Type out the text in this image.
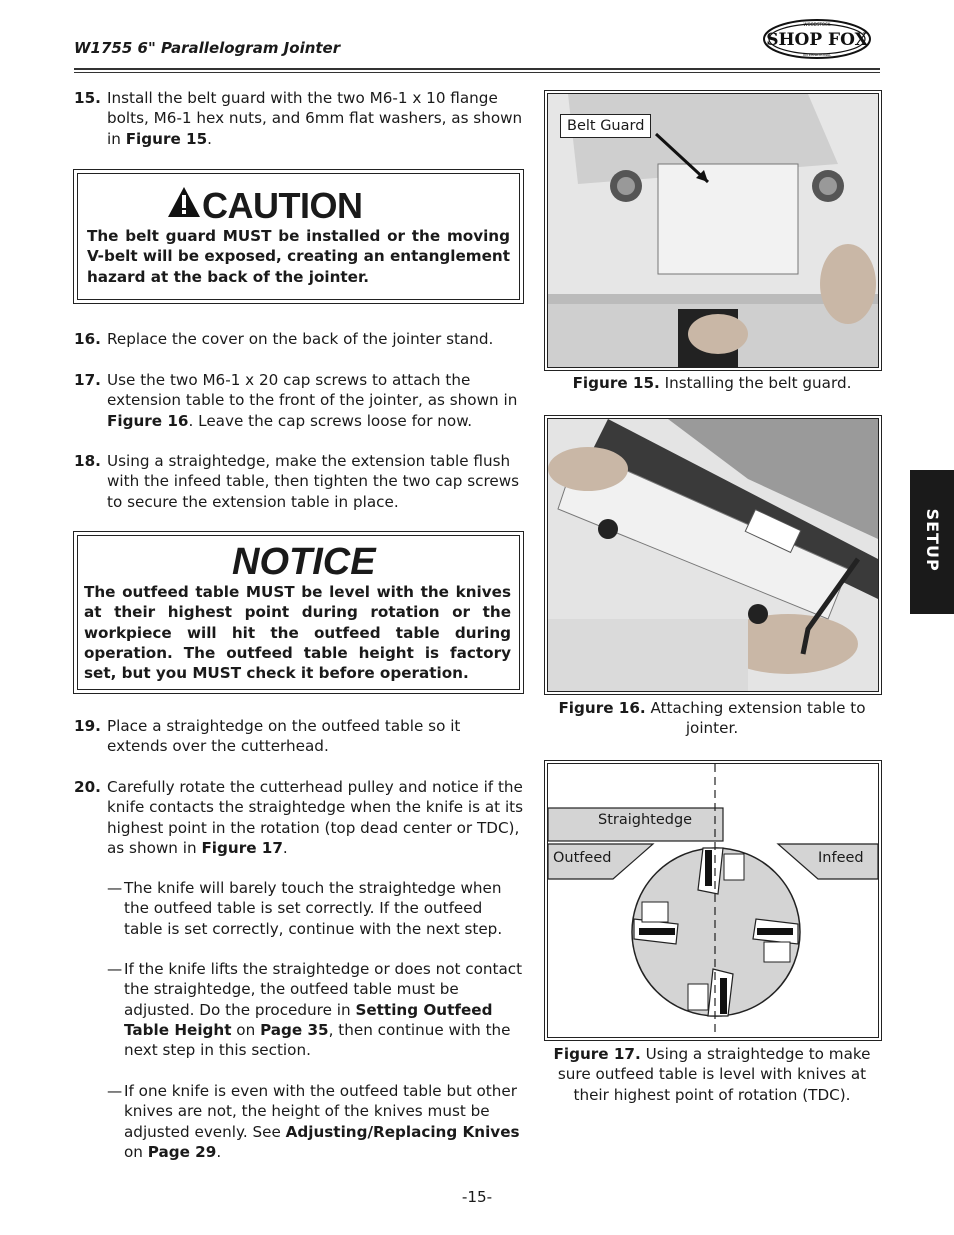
W1755 6" Parallelogram Jointer	SHOP FOX
WOODSTOCK
INTERNATIONAL
15. Install the belt guard with the two M6-1 x 10 flange bolts, M6-1 hex nuts, and 6mm flat washers, as shown in Figure 15.
CAUTION
The belt guard MUST be installed or the moving V-belt will be exposed, creating an entanglement hazard at the back of the jointer.
16. Replace the cover on the back of the jointer stand.
17. Use the two M6-1 x 20 cap screws to attach the extension table to the front of the jointer, as shown in Figure 16. Leave the cap screws loose for now.
18. Using a straightedge, make the extension table flush with the infeed table, then tighten the two cap screws to secure the extension table in place.
NOTICE
The outfeed table MUST be level with the knives at their highest point during rotation or the workpiece will hit the outfeed table during operation. The outfeed table height is factory set, but you MUST check it before operation.
19. Place a straightedge on the outfeed table so it extends over the cutterhead.
20. Carefully rotate the cutterhead pulley and notice if the knife contacts the straightedge when the knife is at its highest point in the rotation (top dead center or TDC), as shown in Figure 17.
— The knife will barely touch the straightedge when the outfeed table is set correctly. If the outfeed table is set correctly, continue with the next step.
— If the knife lifts the straightedge or does not contact the straightedge, the outfeed table must be adjusted. Do the procedure in Setting Outfeed Table Height on Page 35, then continue with the next step in this section.
— If one knife is even with the outfeed table but other knives are not, the height of the knives must be adjusted evenly. See Adjusting/Replacing Knives on Page 29.
Belt Guard
Figure 15. Installing the belt guard.
Figure 16. Attaching extension table to jointer.
Straightedge
Outfeed	Infeed
Figure 17. Using a straightedge to make sure outfeed table is level with knives at their highest point of rotation (TDC).
SETUP
-15-
